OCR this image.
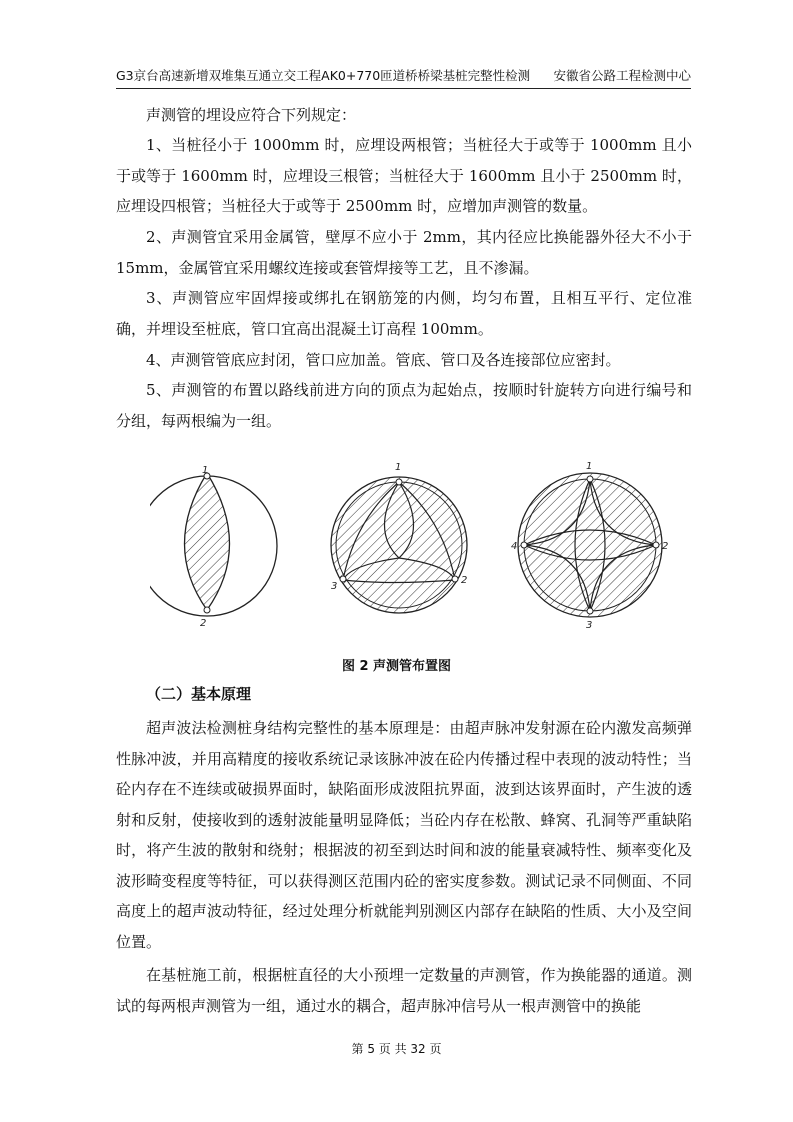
G3京台高速新增双堆集互通立交工程AK0+770匝道桥桥梁基桩完整性检测 安徽省公路工程检测中心

声测管的埋设应符合下列规定：

1、当桩径小于 1000mm 时，应埋设两根管；当桩径大于或等于 1000mm 且小于或等于 1600mm 时，应埋设三根管；当桩径大于 1600mm 且小于 2500mm 时，应埋设四根管；当桩径大于或等于 2500mm 时，应增加声测管的数量。

2、声测管宜采用金属管，壁厚不应小于 2mm，其内径应比换能器外径大不小于 15mm，金属管宜采用螺纹连接或套管焊接等工艺，且不渗漏。

3、声测管应牢固焊接或绑扎在钢筋笼的内侧，均匀布置，且相互平行、定位准确，并埋设至桩底，管口宜高出混凝土订高程 100mm。

4、声测管管底应封闭，管口应加盖。管底、管口及各连接部位应密封。

5、声测管的布置以路线前进方向的顶点为起始点，按顺时针旋转方向进行编号和分组，每两根编为一组。

1
2
1
2
3
1
2
3
4
图 2 声测管布置图
（二）基本原理

超声波法检测桩身结构完整性的基本原理是：由超声脉冲发射源在砼内激发高频弹性脉冲波，并用高精度的接收系统记录该脉冲波在砼内传播过程中表现的波动特性；当砼内存在不连续或破损界面时，缺陷面形成波阻抗界面，波到达该界面时，产生波的透射和反射，使接收到的透射波能量明显降低；当砼内存在松散、蜂窝、孔洞等严重缺陷时，将产生波的散射和绕射；根据波的初至到达时间和波的能量衰减特性、频率变化及波形畸变程度等特征，可以获得测区范围内砼的密实度参数。测试记录不同侧面、不同高度上的超声波动特征，经过处理分析就能判别测区内部存在缺陷的性质、大小及空间位置。

在基桩施工前，根据桩直径的大小预埋一定数量的声测管，作为换能器的通道。测试的每两根声测管为一组，通过水的耦合，超声脉冲信号从一根声测管中的换能

第 5 页 共 32 页
